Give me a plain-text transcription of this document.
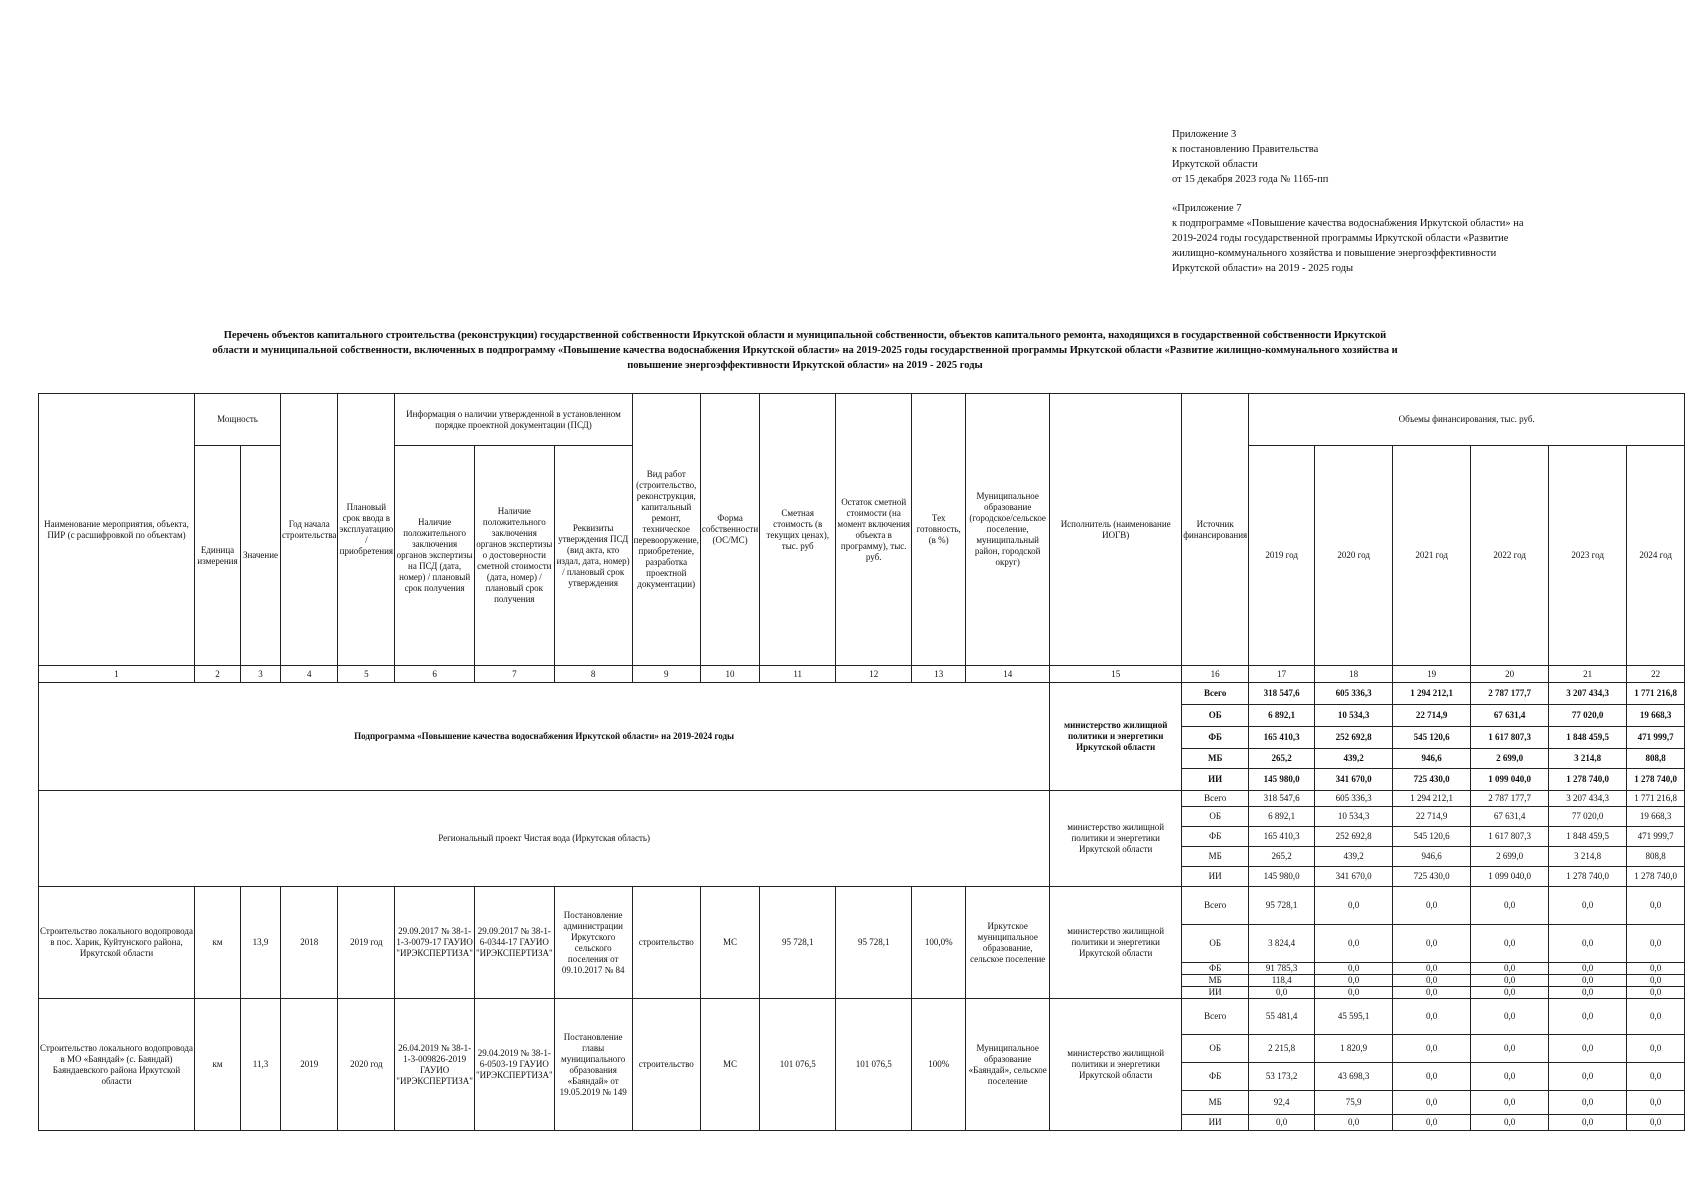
Приложение 3

к постановлению Правительства

Иркутской области

от 15 декабря 2023 года № 1165-пп

«Приложение 7

к подпрограмме «Повышение качества водоснабжения Иркутской области» на

2019-2024 годы государственной программы Иркутской области «Развитие

жилищно-коммунального хозяйства и повышение энергоэффективности

Иркутской области» на 2019 - 2025 годы

Перечень объектов капитального строительства (реконструкции) государственной собственности Иркутской области и муниципальной собственности, объектов капитального ремонта, находящихся в государственной собственности Иркутской

области и муниципальной собственности, включенных в подпрограмму «Повышение качества водоснабжения Иркутской области» на 2019-2025 годы государственной программы Иркутской области «Развитие жилищно-коммунального хозяйства и

повышение энергоэффективности Иркутской области» на 2019 - 2025 годы

Наименование мероприятия, объекта, ПИР (с расшифровкой по объектам)	Мощность		Год начала строительства	Плановый срок ввода в эксплуатацию / приобретения	Информация о наличии утвержденной в установленном порядке проектной документации (ПСД)			Вид работ (строительство, реконструкция, капитальный ремонт, техническое перевооружение, приобретение, разработка проектной документации)	Форма собственности (ОС/МС)	Сметная стоимость (в текущих ценах), тыс. руб	Остаток сметной стоимости (на момент включения объекта в программу), тыс. руб.	Тех готовность, (в %)	Муниципальное образование (городское/сельское поселение, муниципальный район, городской округ)	Исполнитель (наименование ИОГВ)	Источник финансирования	Объемы финансирования, тыс. руб.					
	Единица измерения	Значение			Наличие положительного заключения органов экспертизы на ПСД (дата, номер) / плановый срок получения	Наличие положительного заключения органов экспертизы о достоверности сметной стоимости (дата, номер) / плановый срок получения	Реквизиты утверждения ПСД (вид акта, кто издал, дата, номер) / плановый срок утверждения									2019 год	2020 год	2021 год	2022 год	2023 год	2024 год
1	2	3	4	5	6	7	8	9	10	11	12	13	14	15	16	17	18	19	20	21	22
Подпрограмма «Повышение качества водоснабжения Иркутской области» на 2019-2024 годы														министерство жилищной политики и энергетики Иркутской области	Всего	318 547,6	605 336,3	1 294 212,1	2 787 177,7	3 207 434,3	1 771 216,8
															ОБ	6 892,1	10 534,3	22 714,9	67 631,4	77 020,0	19 668,3
															ФБ	165 410,3	252 692,8	545 120,6	1 617 807,3	1 848 459,5	471 999,7
															МБ	265,2	439,2	946,6	2 699,0	3 214,8	808,8
															ИИ	145 980,0	341 670,0	725 430,0	1 099 040,0	1 278 740,0	1 278 740,0
Региональный проект Чистая вода (Иркутская область)														министерство жилищной политики и энергетики Иркутской области	Всего	318 547,6	605 336,3	1 294 212,1	2 787 177,7	3 207 434,3	1 771 216,8
															ОБ	6 892,1	10 534,3	22 714,9	67 631,4	77 020,0	19 668,3
															ФБ	165 410,3	252 692,8	545 120,6	1 617 807,3	1 848 459,5	471 999,7
															МБ	265,2	439,2	946,6	2 699,0	3 214,8	808,8
															ИИ	145 980,0	341 670,0	725 430,0	1 099 040,0	1 278 740,0	1 278 740,0
Строительство локального водопровода в пос. Харик, Куйтунского района, Иркутской области	км	13,9	2018	2019 год	29.09.2017 № 38-1-1-3-0079-17 ГАУИО "ИРЭКСПЕРТИЗА"	29.09.2017 № 38-1-6-0344-17 ГАУИО "ИРЭКСПЕРТИЗА"	Постановление администрации Иркутского сельского поселения от 09.10.2017 № 84	строительство	МС	95 728,1	95 728,1	100,0%	Иркутское муниципальное образование, сельское поселение	министерство жилищной политики и энергетики Иркутской области	Всего	95 728,1	0,0	0,0	0,0	0,0	0,0
															ОБ	3 824,4	0,0	0,0	0,0	0,0	0,0
															ФБ	91 785,3	0,0	0,0	0,0	0,0	0,0
															МБ	118,4	0,0	0,0	0,0	0,0	0,0
															ИИ	0,0	0,0	0,0	0,0	0,0	0,0
Строительство локального водопровода в МО «Баяндай» (с. Баяндай) Баяндаевского района Иркутской области	км	11,3	2019	2020 год	26.04.2019 № 38-1-1-3-009826-2019 ГАУИО "ИРЭКСПЕРТИЗА"	29.04.2019 № 38-1-6-0503-19 ГАУИО "ИРЭКСПЕРТИЗА"	Постановление главы муниципального образования «Баяндай» от 19.05.2019 № 149	строительство	МС	101 076,5	101 076,5	100%	Муниципальное образование «Баяндай», сельское поселение	министерство жилищной политики и энергетики Иркутской области	Всего	55 481,4	45 595,1	0,0	0,0	0,0	0,0
															ОБ	2 215,8	1 820,9	0,0	0,0	0,0	0,0
															ФБ	53 173,2	43 698,3	0,0	0,0	0,0	0,0
															МБ	92,4	75,9	0,0	0,0	0,0	0,0
															ИИ	0,0	0,0	0,0	0,0	0,0	0,0
